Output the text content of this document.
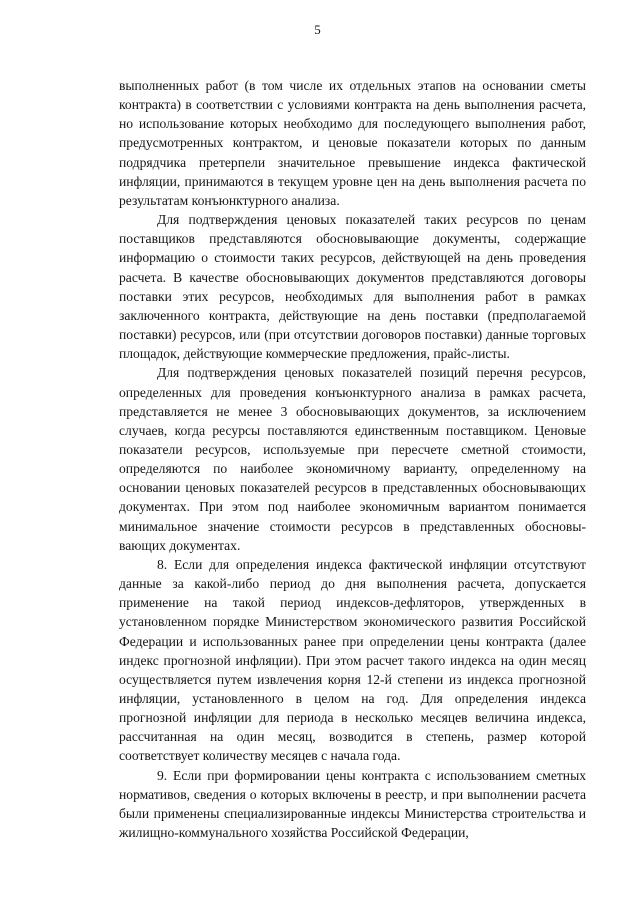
5

выполненных работ (в том числе их отдельных этапов на основании сметы контракта) в соответствии с условиями контракта на день выполнения расчета, но использование которых необходимо для последующего выполнения работ, предусмотренных контрактом, и ценовые показатели которых по данным подрядчика претерпели значительное превышение индекса фактической инфляции, принимаются в текущем уровне цен на день выполнения расчета по результатам конъюнктурного анализа.

Для подтверждения ценовых показателей таких ресурсов по ценам поставщиков представляются обосновывающие документы, содержащие информацию о стоимости таких ресурсов, действующей на день проведения расчета. В качестве обосновывающих документов представляются договоры поставки этих ресурсов, необходимых для выполнения работ в рамках заключенного контракта, действующие на день поставки (предполагаемой поставки) ресурсов, или (при отсутствии договоров поставки) данные торговых площадок, действующие коммерческие предложения, прайс-листы.

Для подтверждения ценовых показателей позиций перечня ресурсов, определенных для проведения конъюнктурного анализа в рамках расчета, представляется не менее 3 обосновывающих документов, за исключением случаев, когда ресурсы поставляются единственным поставщиком. Ценовые показатели ресурсов, используемые при пересчете сметной стоимости, определяются по наиболее экономичному варианту, определенному на основании ценовых показателей ресурсов в представленных обосновывающих документах. При этом под наиболее экономичным вариантом понимается минимальное значение стоимости ресурсов в представленных обосновы-вающих документах.

8. Если для определения индекса фактической инфляции отсутствуют данные за какой-либо период до дня выполнения расчета, допускается применение на такой период индексов-дефляторов, утвержденных в установленном порядке Министерством экономического развития Российской Федерации и использованных ранее при определении цены контракта (далее индекс прогнозной инфляции). При этом расчет такого индекса на один месяц осуществляется путем извлечения корня 12-й степени из индекса прогнозной инфляции, установленного в целом на год. Для определения индекса прогнозной инфляции для периода в несколько месяцев величина индекса, рассчитанная на один месяц, возводится в степень, размер которой соответствует количеству месяцев с начала года.

9. Если при формировании цены контракта с использованием сметных нормативов, сведения о которых включены в реестр, и при выполнении расчета были применены специализированные индексы Министерства строительства и жилищно-коммунального хозяйства Российской Федерации,
